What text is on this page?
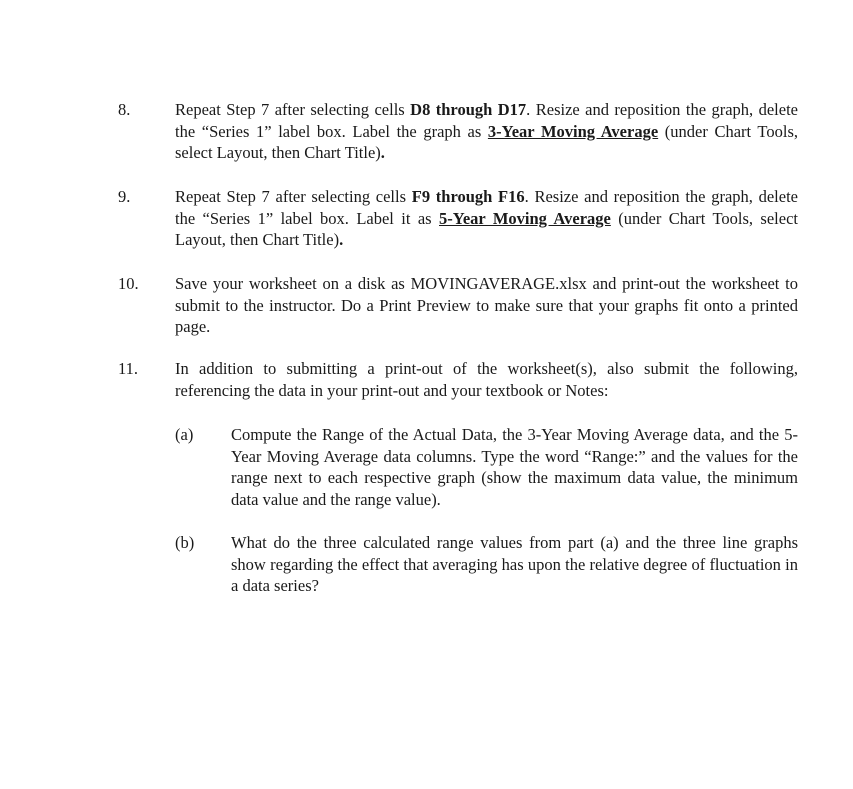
8.	Repeat Step 7 after selecting cells D8 through D17. Resize and reposition the graph, delete the “Series 1” label box. Label the graph as 3-Year Moving Average (under Chart Tools, select Layout, then Chart Title).
9.	Repeat Step 7 after selecting cells F9 through F16. Resize and reposition the graph, delete the “Series 1” label box. Label it as 5-Year Moving Average (under Chart Tools, select Layout, then Chart Title).
10.	Save your worksheet on a disk as MOVINGAVERAGE.xlsx and print-out the worksheet to submit to the instructor. Do a Print Preview to make sure that your graphs fit onto a printed page.
11.	In addition to submitting a print-out of the worksheet(s), also submit the following, referencing the data in your print-out and your textbook or Notes:
(a)	Compute the Range of the Actual Data, the 3-Year Moving Average data, and the 5-Year Moving Average data columns. Type the word “Range:” and the values for the range next to each respective graph (show the maximum data value, the minimum data value and the range value).
(b)	What do the three calculated range values from part (a) and the three line graphs show regarding the effect that averaging has upon the relative degree of fluctuation in a data series?
